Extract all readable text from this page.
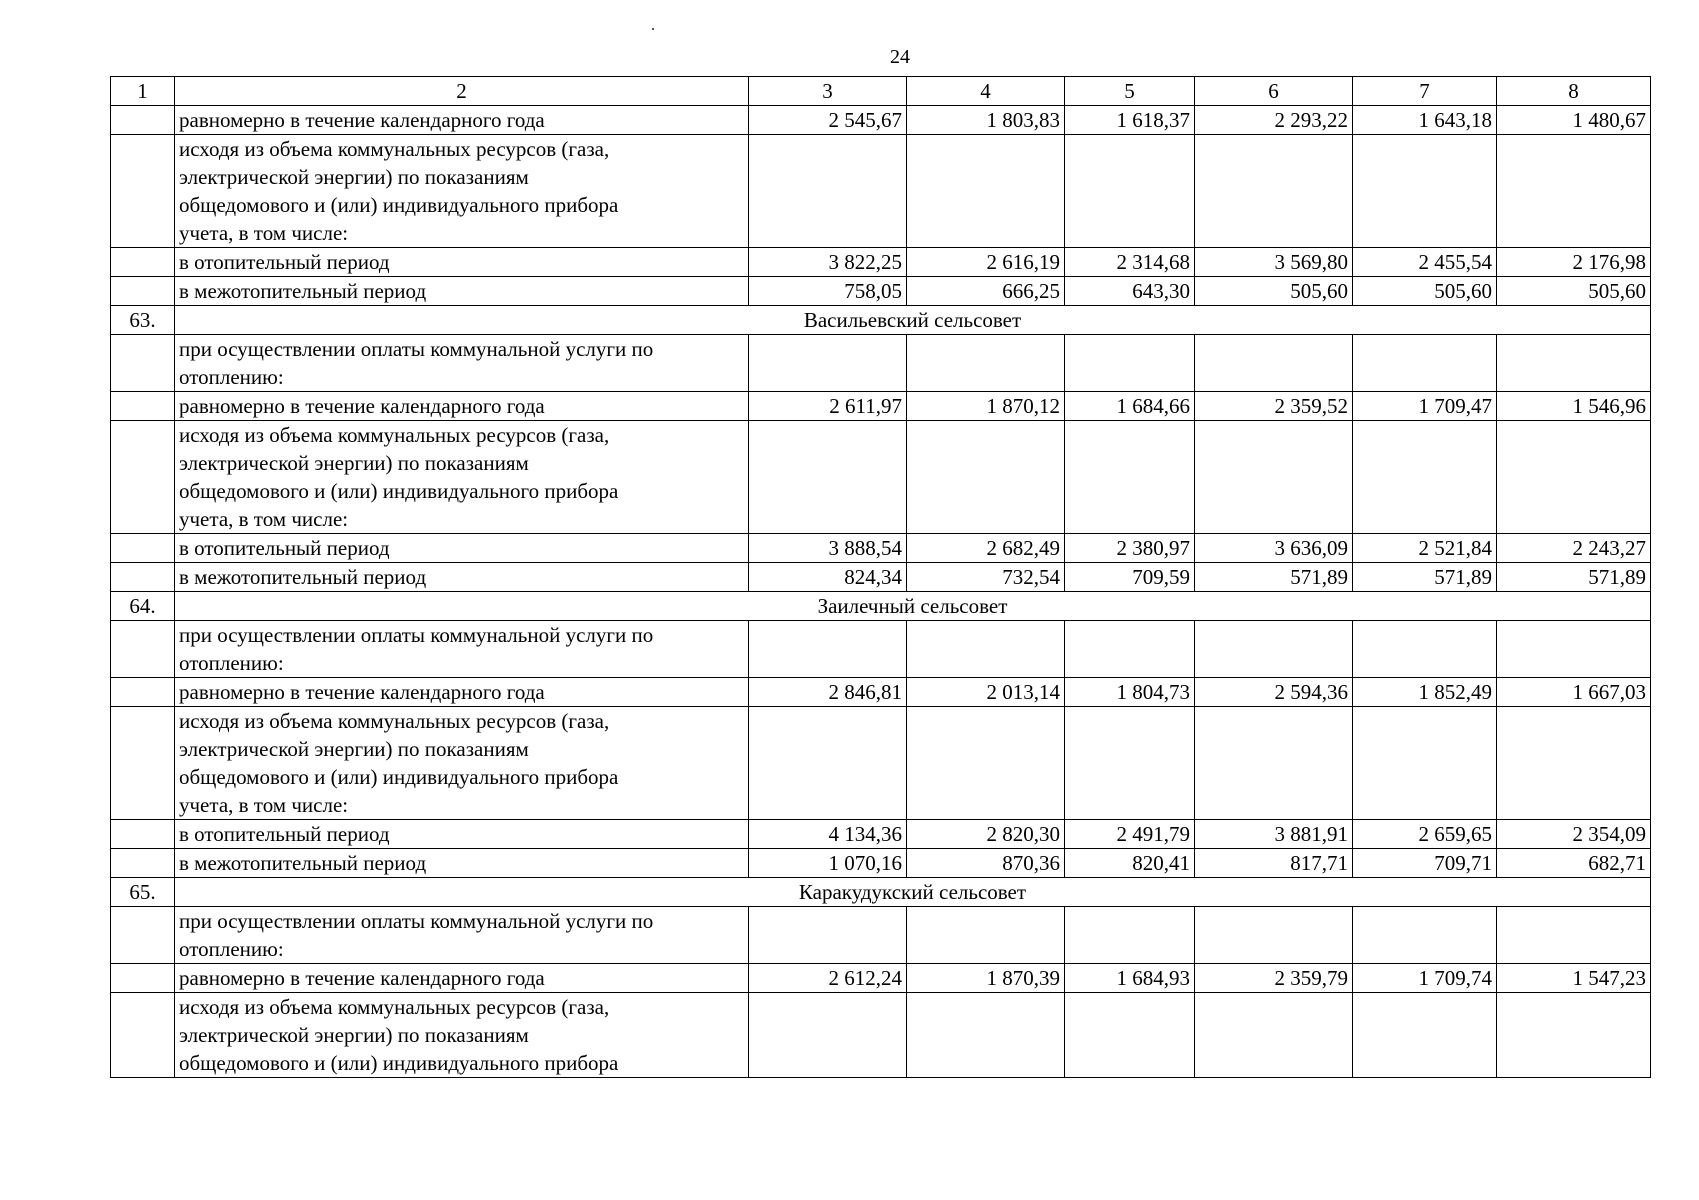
24
1	2	3	4	5	6	7	8
	равномерно в течение календарного года	2 545,67	1 803,83	1 618,37	2 293,22	1 643,18	1 480,67

	исходя из объема коммунальных ресурсов (газа,
электрической энергии) по показаниям
общедомового и (или) индивидуального прибора
учета, в том числе:						

	в отопительный период	3 822,25	2 616,19	2 314,68	3 569,80	2 455,54	2 176,98
	в межотопительный период	758,05	666,25	643,30	505,60	505,60	505,60
63.	Васильевский сельсовет						

	при осуществлении оплаты коммунальной услуги по
отоплению:						

	равномерно в течение календарного года	2 611,97	1 870,12	1 684,66	2 359,52	1 709,47	1 546,96

	исходя из объема коммунальных ресурсов (газа,
электрической энергии) по показаниям
общедомового и (или) индивидуального прибора
учета, в том числе:						

	в отопительный период	3 888,54	2 682,49	2 380,97	3 636,09	2 521,84	2 243,27
	в межотопительный период	824,34	732,54	709,59	571,89	571,89	571,89
64.	Заилечный сельсовет						

	при осуществлении оплаты коммунальной услуги по
отоплению:						

	равномерно в течение календарного года	2 846,81	2 013,14	1 804,73	2 594,36	1 852,49	1 667,03

	исходя из объема коммунальных ресурсов (газа,
электрической энергии) по показаниям
общедомового и (или) индивидуального прибора
учета, в том числе:						

	в отопительный период	4 134,36	2 820,30	2 491,79	3 881,91	2 659,65	2 354,09
	в межотопительный период	1 070,16	870,36	820,41	817,71	709,71	682,71
65.	Каракудукский сельсовет						

	при осуществлении оплаты коммунальной услуги по
отоплению:						

	равномерно в течение календарного года	2 612,24	1 870,39	1 684,93	2 359,79	1 709,74	1 547,23

	исходя из объема коммунальных ресурсов (газа,
электрической энергии) по показаниям
общедомового и (или) индивидуального прибора						
